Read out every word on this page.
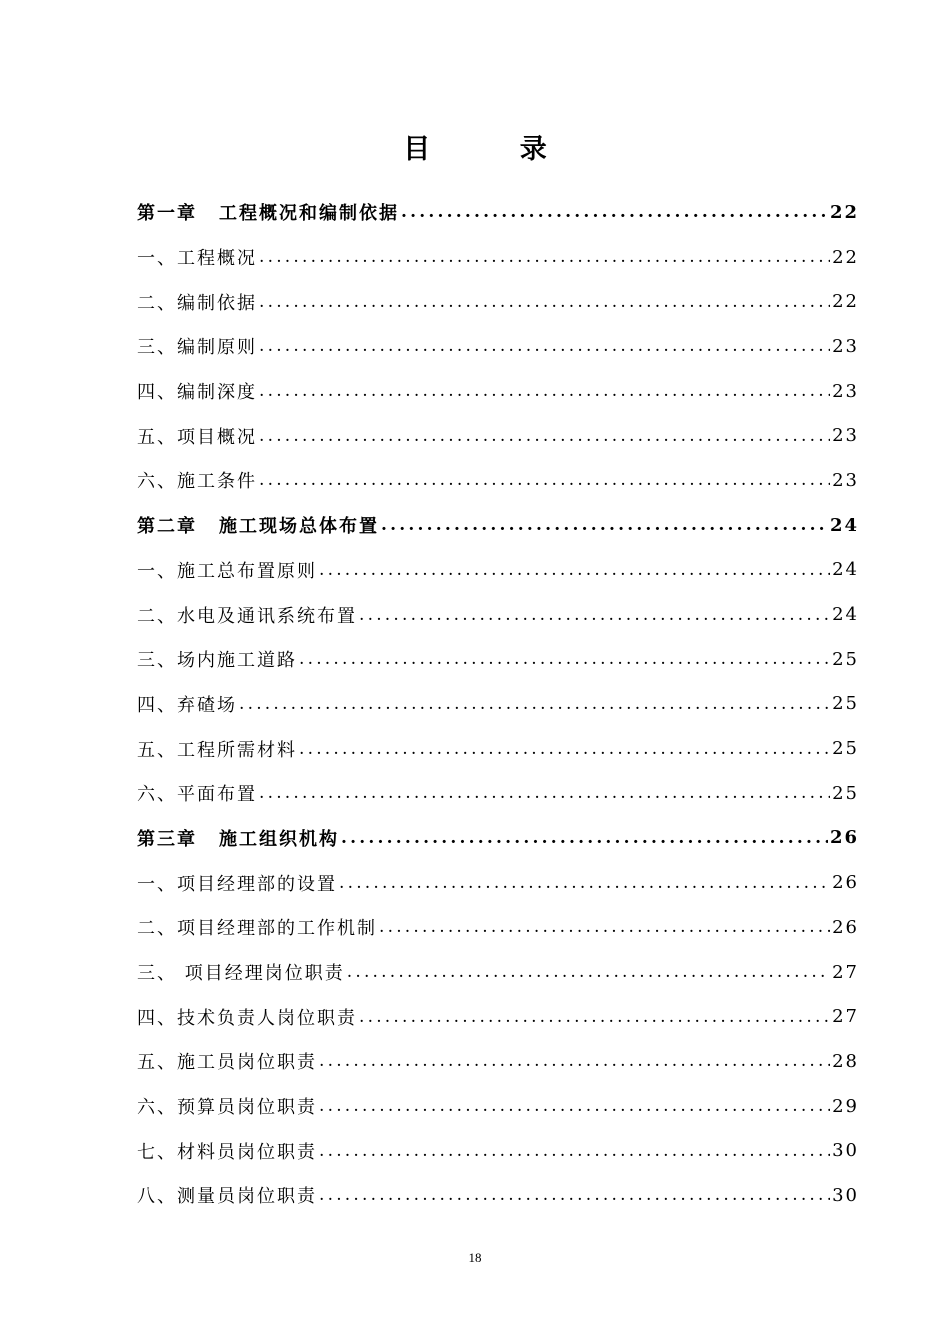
目 录
第一章 工程概况和编制依据 .....	22
一、工程概况 .....	22
二、编制依据 .....	22
三、编制原则 .....	23
四、编制深度 .....	23
五、项目概况 .....	23
六、施工条件 .....	23
第二章 施工现场总体布置 .....	24
一、施工总布置原则 .....	24
二、水电及通讯系统布置 .....	24
三、场内施工道路 .....	25
四、弃碴场 .....	25
五、工程所需材料 .....	25
六、平面布置 .....	25
第三章 施工组织机构 .....	26
一、项目经理部的设置 .....	26
二、项目经理部的工作机制 .....	26
三、 项目经理岗位职责 .....	27
四、技术负责人岗位职责 .....	27
五、施工员岗位职责 .....	28
六、预算员岗位职责 .....	29
七、材料员岗位职责 .....	30
八、测量员岗位职责 .....	30
18
